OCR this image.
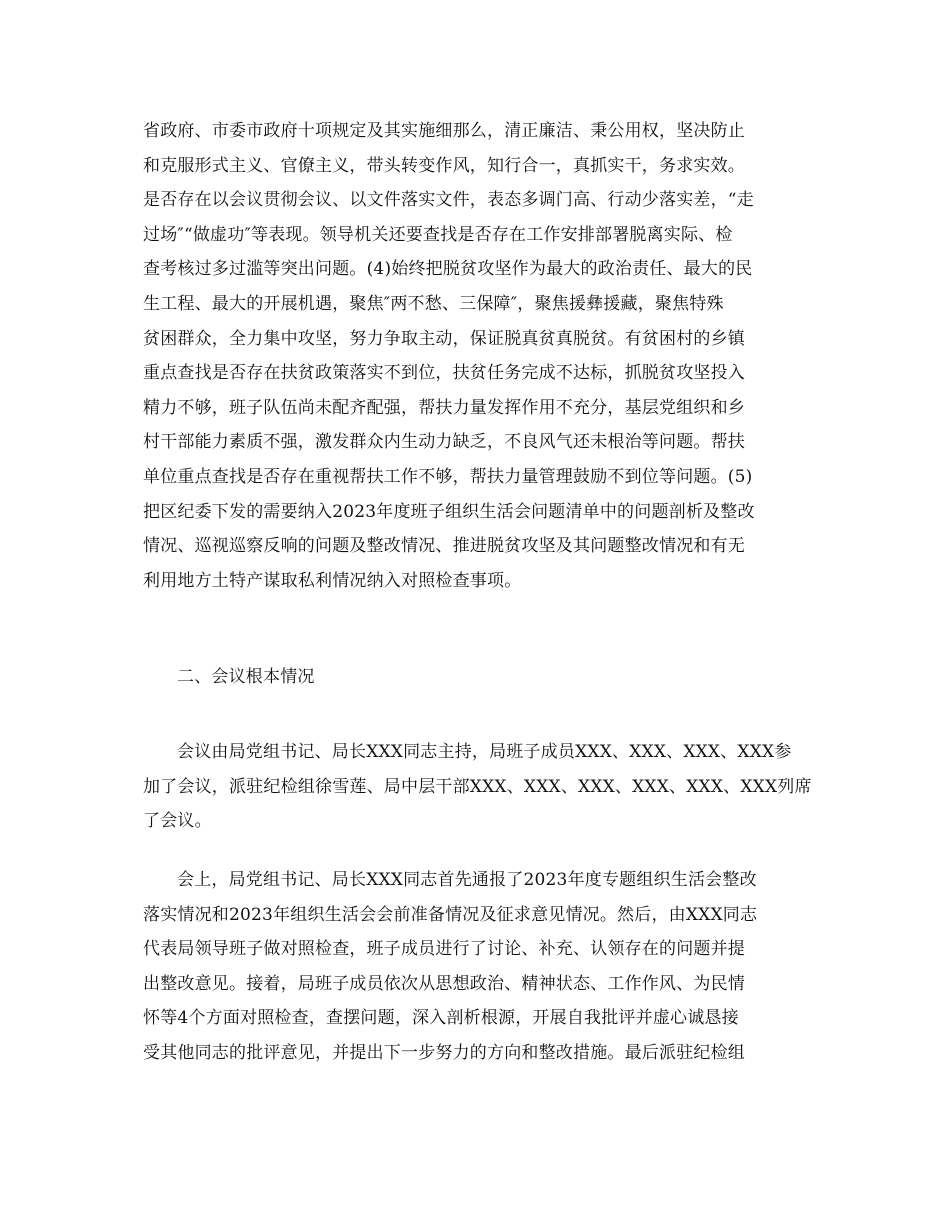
省政府、市委市政府十项规定及其实施细那么，清正廉洁、秉公用权，坚决防止
和克服形式主义、官僚主义，带头转变作风，知行合一，真抓实干，务求实效。
是否存在以会议贯彻会议、以文件落实文件，表态多调门高、行动少落实差，“走
过场″“做虚功″等表现。领导机关还要查找是否存在工作安排部署脱离实际、检
查考核过多过滥等突出问题。(4)始终把脱贫攻坚作为最大的政治责任、最大的民
生工程、最大的开展机遇，聚焦″两不愁、三保障″，聚焦援彝援藏，聚焦特殊
贫困群众，全力集中攻坚，努力争取主动，保证脱真贫真脱贫。有贫困村的乡镇
重点查找是否存在扶贫政策落实不到位，扶贫任务完成不达标，抓脱贫攻坚投入
精力不够，班子队伍尚未配齐配强，帮扶力量发挥作用不充分，基层党组织和乡
村干部能力素质不强，激发群众内生动力缺乏，不良风气还未根治等问题。帮扶
单位重点查找是否存在重视帮扶工作不够，帮扶力量管理鼓励不到位等问题。(5)
把区纪委下发的需要纳入2023年度班子组织生活会问题清单中的问题剖析及整改
情况、巡视巡察反响的问题及整改情况、推进脱贫攻坚及其问题整改情况和有无
利用地方土特产谋取私利情况纳入对照检查事项。
二、会议根本情况
会议由局党组书记、局长XXX同志主持，局班子成员XXX、XXX、XXX、XXX参
加了会议，派驻纪检组徐雪莲、局中层干部XXX、XXX、XXX、XXX、XXX、XXX列席
了会议。
会上，局党组书记、局长XXX同志首先通报了2023年度专题组织生活会整改
落实情况和2023年组织生活会会前准备情况及征求意见情况。然后，由XXX同志
代表局领导班子做对照检查，班子成员进行了讨论、补充、认领存在的问题并提
出整改意见。接着，局班子成员依次从思想政治、精神状态、工作作风、为民情
怀等4个方面对照检查，查摆问题，深入剖析根源，开展自我批评并虚心诚恳接
受其他同志的批评意见，并提出下一步努力的方向和整改措施。最后派驻纪检组
